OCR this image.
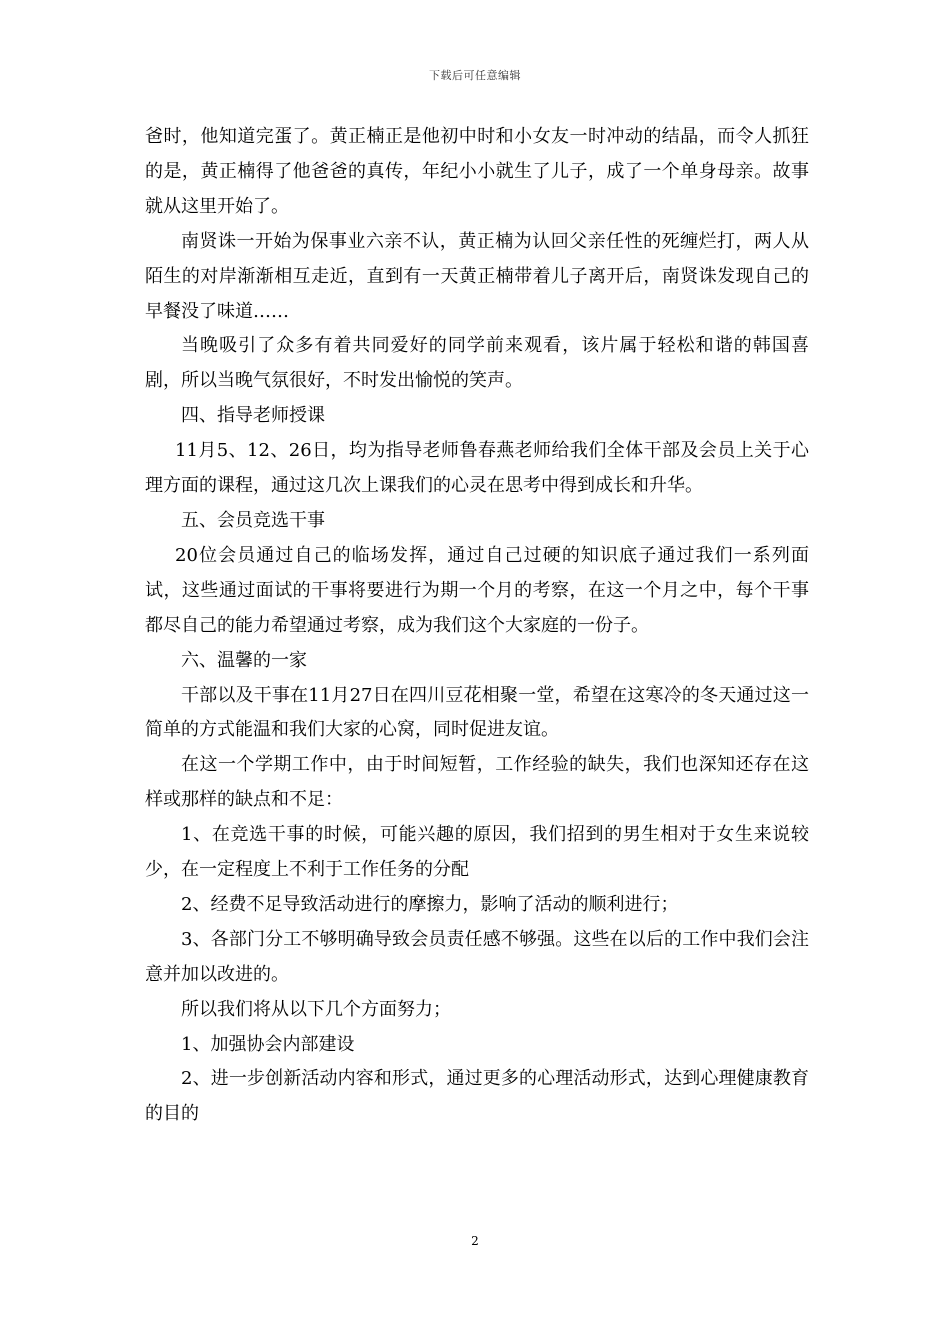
下载后可任意编辑

爸时，他知道完蛋了。黄正楠正是他初中时和小女友一时冲动的结晶，而令人抓狂的是，黄正楠得了他爸爸的真传，年纪小小就生了儿子，成了一个单身母亲。故事就从这里开始了。

南贤诛一开始为保事业六亲不认，黄正楠为认回父亲任性的死缠烂打，两人从陌生的对岸渐渐相互走近，直到有一天黄正楠带着儿子离开后，南贤诛发现自己的早餐没了味道……

当晚吸引了众多有着共同爱好的同学前来观看，该片属于轻松和谐的韩国喜剧，所以当晚气氛很好，不时发出愉悦的笑声。

四、指导老师授课

11月5、12、26日，均为指导老师鲁春燕老师给我们全体干部及会员上关于心理方面的课程，通过这几次上课我们的心灵在思考中得到成长和升华。

五、会员竞选干事

20位会员通过自己的临场发挥，通过自己过硬的知识底子通过我们一系列面试，这些通过面试的干事将要进行为期一个月的考察，在这一个月之中，每个干事都尽自己的能力希望通过考察，成为我们这个大家庭的一份子。

六、温馨的一家

干部以及干事在11月27日在四川豆花相聚一堂，希望在这寒冷的冬天通过这一简单的方式能温和我们大家的心窝，同时促进友谊。

在这一个学期工作中，由于时间短暂，工作经验的缺失，我们也深知还存在这样或那样的缺点和不足：

1、在竞选干事的时候，可能兴趣的原因，我们招到的男生相对于女生来说较少，在一定程度上不利于工作任务的分配

2、经费不足导致活动进行的摩擦力，影响了活动的顺利进行；

3、各部门分工不够明确导致会员责任感不够强。这些在以后的工作中我们会注意并加以改进的。

所以我们将从以下几个方面努力；

1、加强协会内部建设

2、进一步创新活动内容和形式，通过更多的心理活动形式，达到心理健康教育的目的

2
